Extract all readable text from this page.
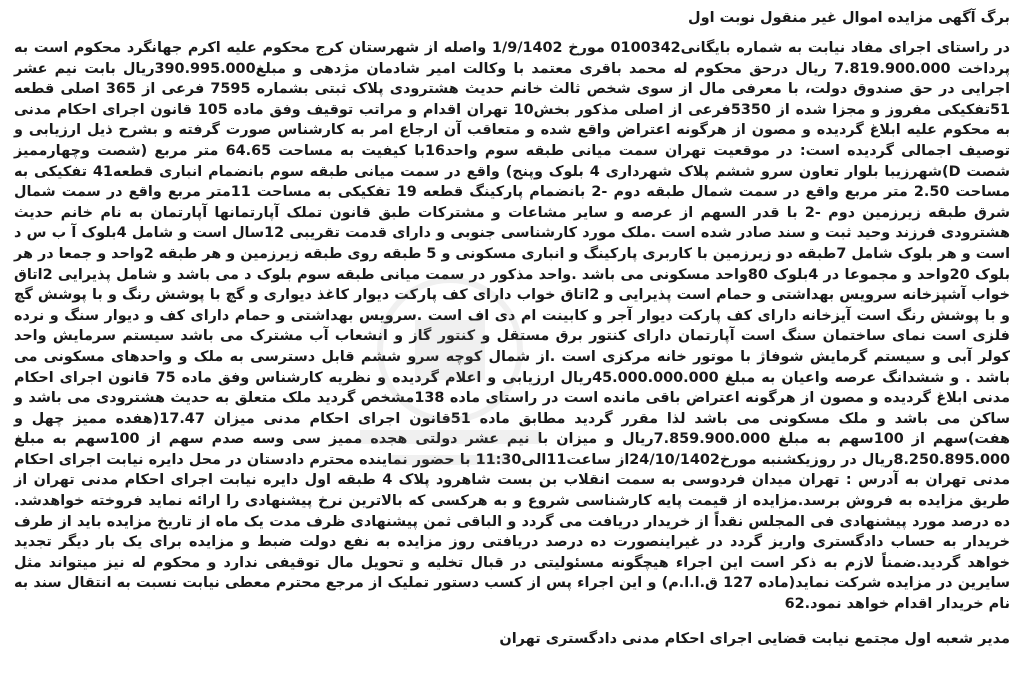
برگ آگهی مزایده اموال غیر منقول نوبت اول

در راستای اجرای مفاد نیابت به شماره بایگانی0100342 مورخ 1/9/1402 واصله از شهرستان کرج محکوم علیه اکرم جهانگرد محکوم است به پرداخت 7.819.900.000 ریال درحق محکوم له محمد باقری معتمد با وکالت امیر شادمان مژدهی و مبلغ390.995.000ریال بابت نیم عشر اجرایی در حق صندوق دولت، با معرفی مال از سوی شخص ثالث خانم حدیث هشترودی پلاک ثبتی بشماره 7595 فرعی از 365 اصلی قطعه 51تفکیکی مفروز و مجزا شده از 5350فرعی از اصلی مذکور بخش10 تهران اقدام و مراتب توقیف وفق ماده 105 قانون اجرای احکام مدنی به محکوم علیه ابلاغ گردیده و مصون از هرگونه اعتراض واقع شده و متعاقب آن ارجاع امر به کارشناس صورت گرفته و بشرح ذیل ارزیابی و توصیف اجمالی گردیده است: در موقعیت تهران سمت میانی طبقه سوم واحد16با کیفیت به مساحت 64.65 متر مربع (شصت وچهارممیز شصت D)شهرزیبا بلوار تعاون سرو ششم پلاک شهرداری 4 بلوک وپنج) واقع در سمت میانی طبقه سوم بانضمام انباری قطعه41 تفکیکی به مساحت 2.50 متر مربع واقع در سمت شمال طبقه دوم -2 بانضمام پارکینگ قطعه 19 تفکیکی به مساحت 11متر مربع واقع در سمت شمال شرق طبقه زیرزمین دوم -2 با قدر السهم از عرصه و سایر مشاعات و مشترکات طبق قانون تملک آپارتمانها آپارتمان به نام خانم حدیث هشترودی فرزند وحید ثبت و سند صادر شده است .ملک مورد کارشناسی جنوبی و دارای قدمت تقریبی 12سال است و شامل 4بلوک آ ب س د است و هر بلوک شامل 7طبقه دو زیرزمین با کاربری پارکینگ و انباری مسکونی و 5 طبقه روی طبقه زیرزمین و هر طبقه 2واحد و جمعا در هر بلوک 20واحد و مجموعا در 4بلوک 80واحد مسکونی می باشد .واحد مذکور در سمت میانی طبقه سوم بلوک د می باشد و شامل پذیرایی 2اتاق خواب آشپزخانه سرویس بهداشتی و حمام است پذیرایی و 2اتاق خواب دارای کف پارکت دیوار کاغذ دیواری و گچ با پوشش رنگ و با پوشش گچ و با پوشش رنگ است آیزخانه دارای کف پارکت دیوار آجر و کابینت ام دی اف است .سرویس بهداشتی و حمام دارای کف و دیوار سنگ و نرده فلزی است نمای ساختمان سنگ است آپارتمان دارای کنتور برق مستقل و کنتور گاز و انشعاب آب مشترک می باشد سیستم سرمایش واحد کولر آبی و سیستم گرمایش شوفاژ با موتور خانه مرکزی است .از شمال کوچه سرو ششم قابل دسترسی به ملک و واحدهای مسکونی می باشد . و ششدانگ عرصه واعیان به مبلغ 45.000.000.000ریال ارزیابی و اعلام گردیده و نظریه کارشناس وفق ماده 75 قانون اجرای احکام مدنی ابلاغ گردیده و مصون از هرگونه اعتراض باقی مانده است در راستای ماده 138مشخص گردید ملک متعلق به حدیث هشترودی می باشد و ساکن می باشد و ملک مسکونی می باشد لذا مقرر گردید مطابق ماده 51قانون اجرای احکام مدنی میزان 17.47(هفده ممیز چهل و هفت)سهم از 100سهم به مبلغ 7.859.900.000ریال و میزان با نیم عشر دولتی هجده ممیز سی وسه صدم سهم از 100سهم به مبلغ 8.250.895.000ریال در روزیکشنبه مورخ24/10/1402از ساعت11الی11:30 با حضور نماینده محترم دادستان در محل دایره نیابت اجرای احکام مدنی تهران به آدرس : تهران میدان فردوسی به سمت انقلاب بن بست شاهرود پلاک 4 طبقه اول دایره نیابت اجرای احکام مدنی تهران از طریق مزایده به فروش برسد.مزایده از قیمت پایه کارشناسی شروع و به هرکسی که بالاترین نرخ پیشنهادی را ارائه نماید فروخته خواهدشد. ده درصد مورد پیشنهادی فی المجلس نقداً از خریدار دریافت می گردد و الباقی ثمن پیشنهادی ظرف مدت یک ماه از تاریخ مزایده باید از طرف خریدار به حساب دادگستری واریز گردد در غیراینصورت ده درصد دریافتی روز مزایده به نفع دولت ضبط و مزایده برای یک بار دیگر تجدید خواهد گردید.ضمناً لازم به ذکر است این اجراء هیچگونه مسئولیتی در قبال تخلیه و تحویل مال توقیفی ندارد و محکوم له نیز میتواند مثل سایرین در مزایده شرکت نماید(ماده 127 ق.ا.ا.م) و این اجراء پس از کسب دستور تملیک از مرجع محترم معطی نیابت نسبت به انتقال سند به نام خریدار اقدام خواهد نمود.62

مدیر شعبه اول مجتمع نیابت قضایی اجرای احکام مدنی دادگستری تهران
